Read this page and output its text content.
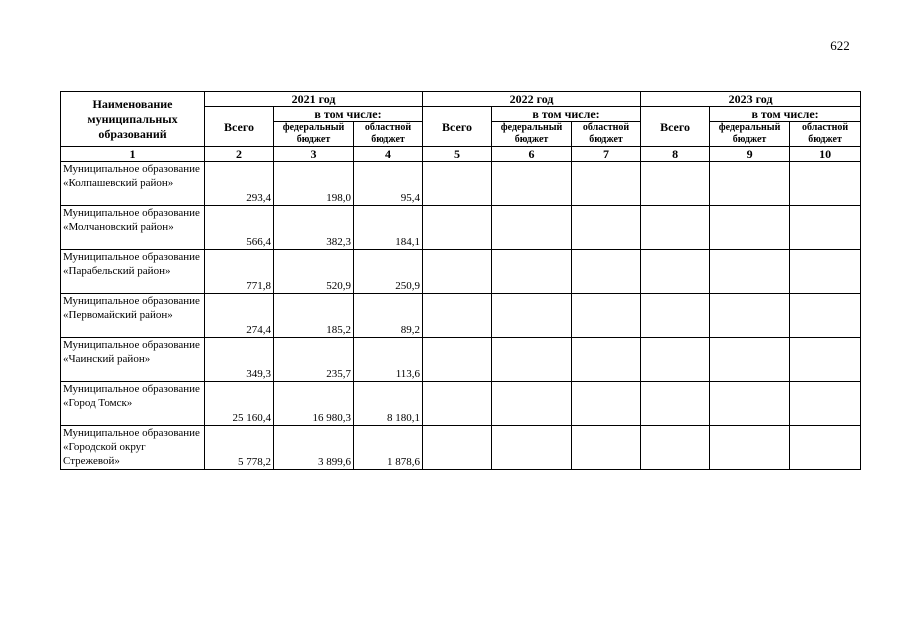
622
Наименование муниципальных образований	2021 год			2022 год			2023 год		
	Всего	в том числе:		Всего	в том числе:		Всего	в том числе:	
		федеральный бюджет	областной бюджет		федеральный бюджет	областной бюджет		федеральный бюджет	областной бюджет
1	2	3	4	5	6	7	8	9	10
Муниципальное образование «Колпашевский район»	293,4	198,0	95,4						
Муниципальное образование «Молчановский район»	566,4	382,3	184,1						
Муниципальное образование «Парабельский район»	771,8	520,9	250,9						
Муниципальное образование «Первомайский район»	274,4	185,2	89,2						
Муниципальное образование «Чаинский район»	349,3	235,7	113,6						
Муниципальное образование «Город Томск»	25 160,4	16 980,3	8 180,1						
Муниципальное образование «Городской округ Стрежевой»	5 778,2	3 899,6	1 878,6						
